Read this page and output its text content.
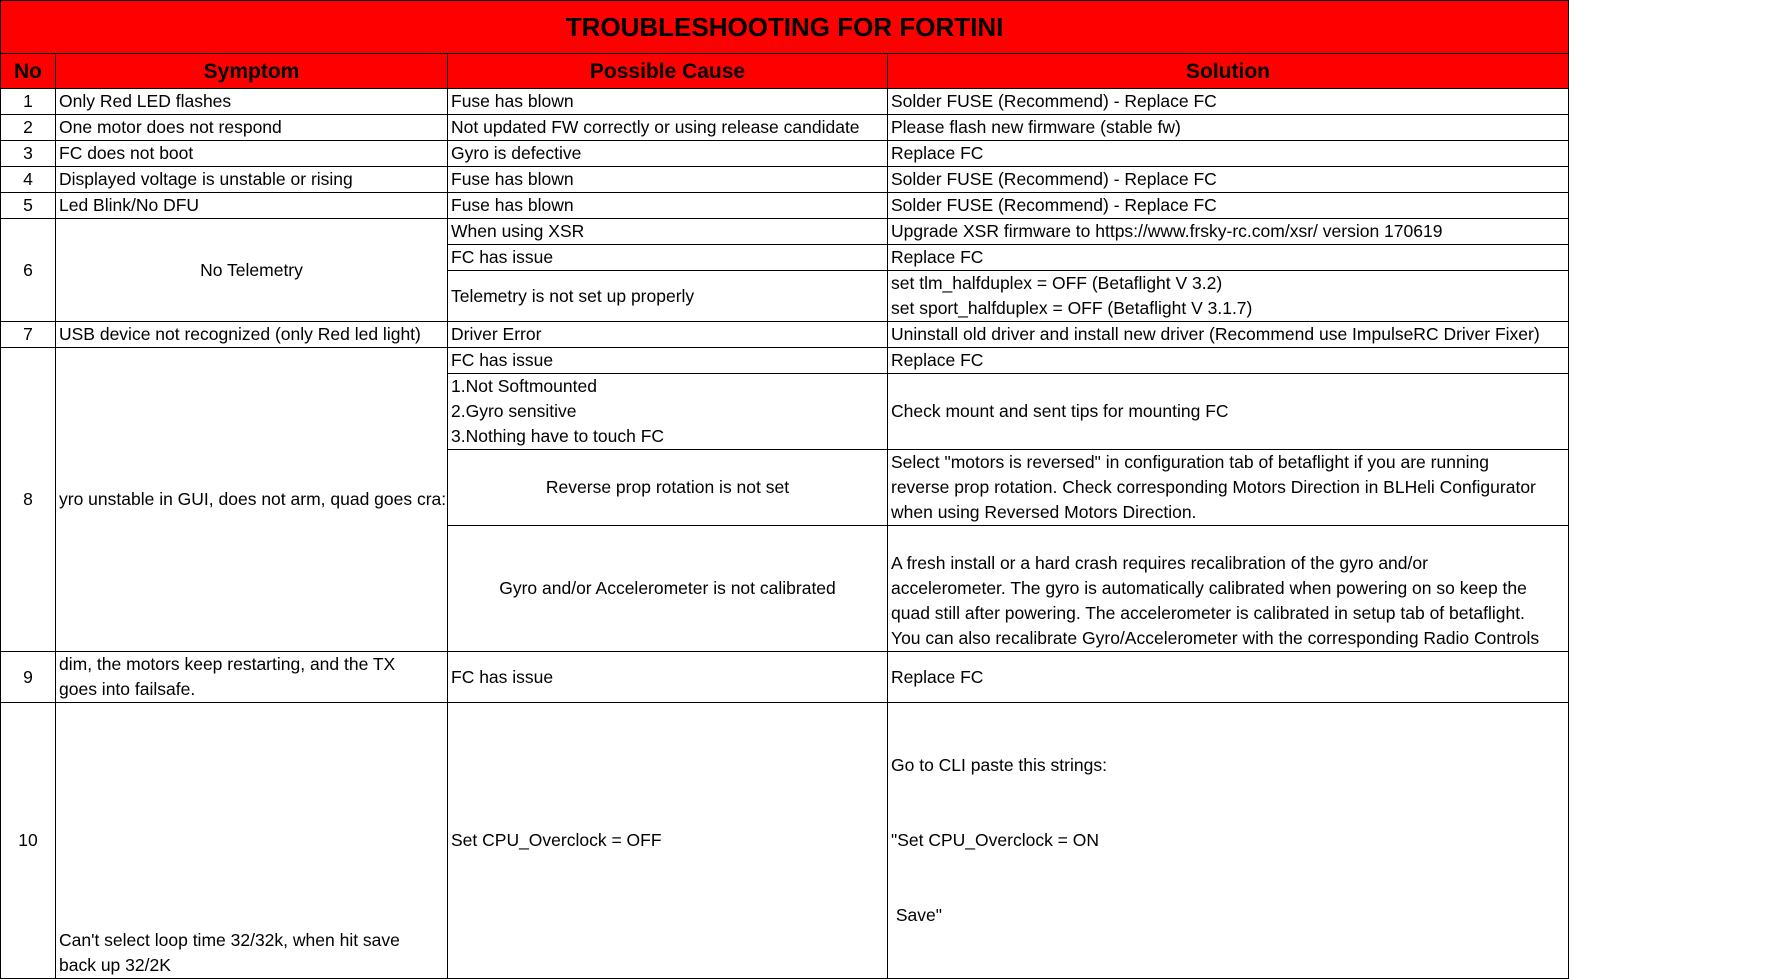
TROUBLESHOOTING FOR FORTINI			
No	Symptom	Possible Cause	Solution
1	Only Red LED flashes	Fuse has blown	Solder FUSE (Recommend) - Replace FC
2	One motor does not respond	Not updated FW correctly or using release candidate	Please flash new firmware (stable fw)
3	FC does not boot	Gyro is defective	Replace FC
4	Displayed voltage is unstable or rising	Fuse has blown	Solder FUSE (Recommend) - Replace FC
5	Led Blink/No DFU	Fuse has blown	Solder FUSE (Recommend) - Replace FC
6	No Telemetry	When using XSR	Upgrade XSR firmware to https://www.frsky-rc.com/xsr/ version 170619
		FC has issue	Replace FC
		Telemetry is not set up properly	set tlm_halfduplex = OFF (Betaflight V 3.2)
set sport_halfduplex = OFF (Betaflight V 3.1.7)

7	USB device not recognized (only Red led light)	Driver Error	Uninstall old driver and install new driver (Recommend use ImpulseRC Driver Fixer)
8	yro unstable in GUI, does not arm, quad goes cra:	FC has issue	Replace FC

		1.Not Softmounted
2.Gyro sensitive
3.Nothing have to touch FC	Check mount and sent tips for mounting FC
		Reverse prop rotation is not set	Select "motors is reversed" in configuration tab of betaflight if you are running
reverse prop rotation. Check corresponding Motors Direction in BLHeli Configurator
when using Reversed Motors Direction.

		Gyro and/or Accelerometer is not calibrated	A fresh install or a hard crash requires recalibration of the gyro and/or
accelerometer. The gyro is automatically calibrated when powering on so keep the
quad still after powering. The accelerometer is calibrated in setup tab of betaflight.
You can also recalibrate Gyro/Accelerometer with the corresponding Radio Controls

9	dim, the motors keep restarting, and the TX
goes into failsafe.	FC has issue	Replace FC
10	Can't select loop time 32/32k, when hit save
back up 32/2K	Set CPU_Overclock = OFF	Go to CLI paste this strings:

"Set CPU_Overclock = ON

Save"
